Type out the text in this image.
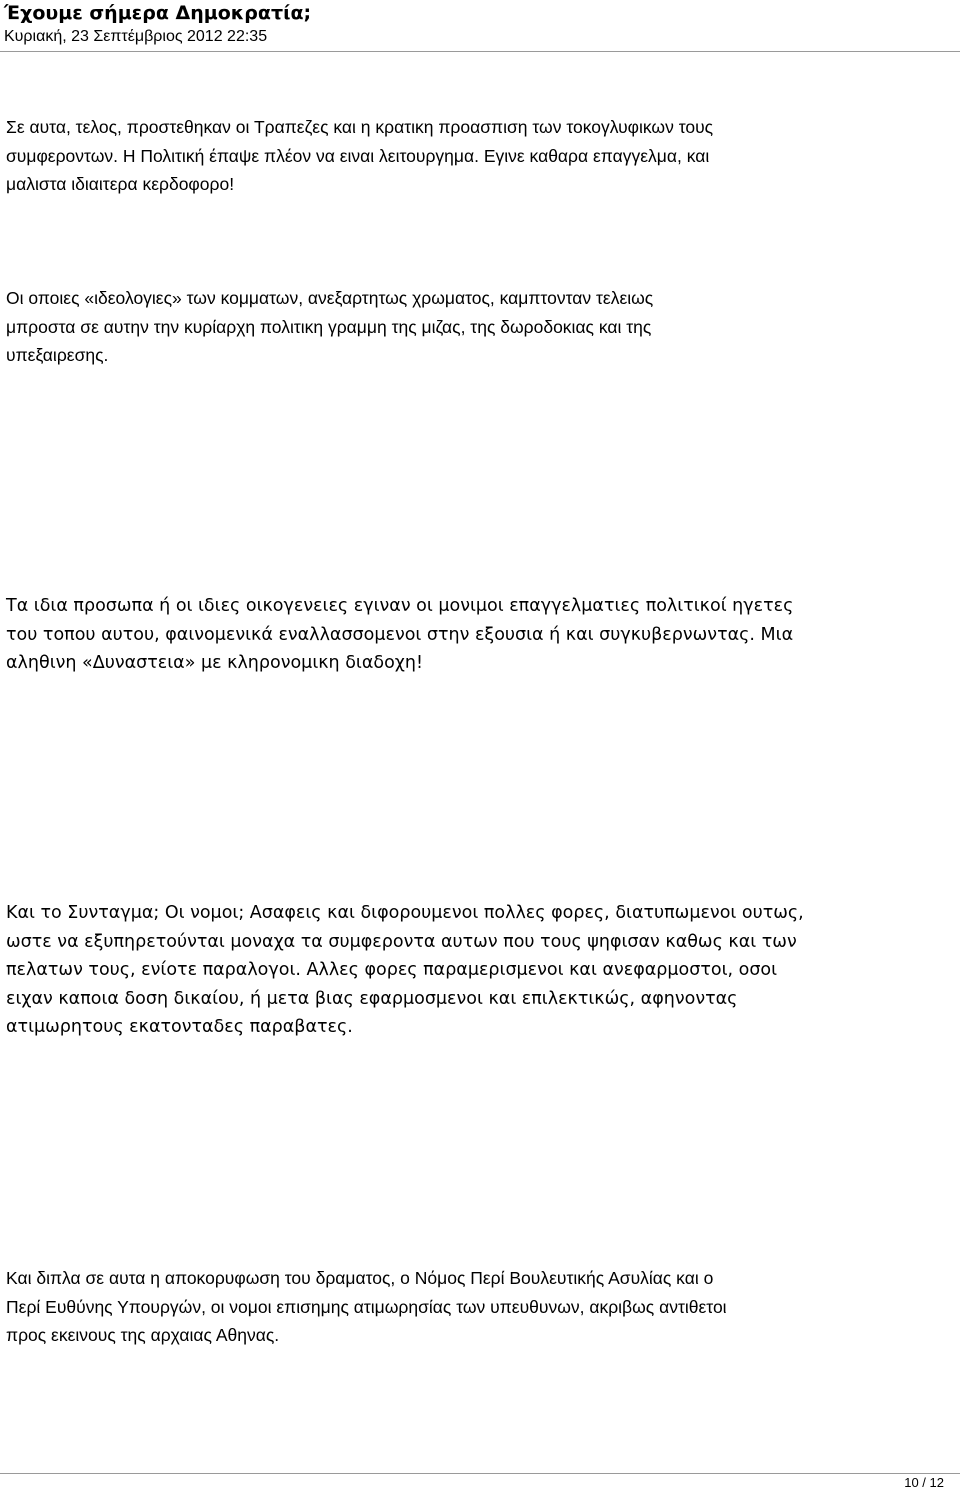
Έχουμε σήμερα Δημοκρατία;
Κυριακή, 23 Σεπτέμβριος 2012 22:35
Σε αυτα, τελος, προστεθηκαν οι Τραπεζες και η κρατικη προασπιση των τοκογλυφικων τους
συμφεροντων. Η Πολιτική έπαψε πλέον να ειναι λειτουργημα. Εγινε καθαρα επαγγελμα, και
μαλιστα ιδιαιτερα κερδοφορο!
Οι οποιες «ιδεολογιες» των κομματων, ανεξαρτητως χρωματος, καμπτονταν τελειως
μπροστα σε αυτην την κυρίαρχη πολιτικη γραμμη της μιζας, της δωροδοκιας και της
υπεξαιρεσης.
Τα ιδια προσωπα ή οι ιδιες οικογενειες εγιναν οι μονιμοι επαγγελματιες πολιτικοί ηγετες
του τοπου αυτου, φαινομενικά εναλλασσομενοι στην εξουσια ή και συγκυβερνωντας. Μια
αληθινη «Δυναστεια» με κληρονομικη διαδοχη!
Και το Συνταγμα; Οι νομοι; Ασαφεις και διφορουμενοι πολλες φορες, διατυπωμενοι ουτως,
ωστε να εξυπηρετούνται μοναχα τα συμφεροντα αυτων που τους ψηφισαν καθως και των
πελατων τους, ενίοτε παραλογοι. Αλλες φορες παραμερισμενοι και ανεφαρμοστοι, οσοι
ειχαν καποια δοση δικαίου, ή μετα βιας εφαρμοσμενοι και επιλεκτικώς, αφηνοντας
ατιμωρητους εκατονταδες παραβατες.
Και διπλα σε αυτα η αποκορυφωση του δραματος, ο Νόμος Περί Βουλευτικής Ασυλίας και ο
Περί Ευθύνης Υπουργών, οι νομοι επισημης ατιμωρησίας των υπευθυνων, ακριβως αντιθετοι
προς εκεινους της αρχαιας Αθηνας.
10 / 12
